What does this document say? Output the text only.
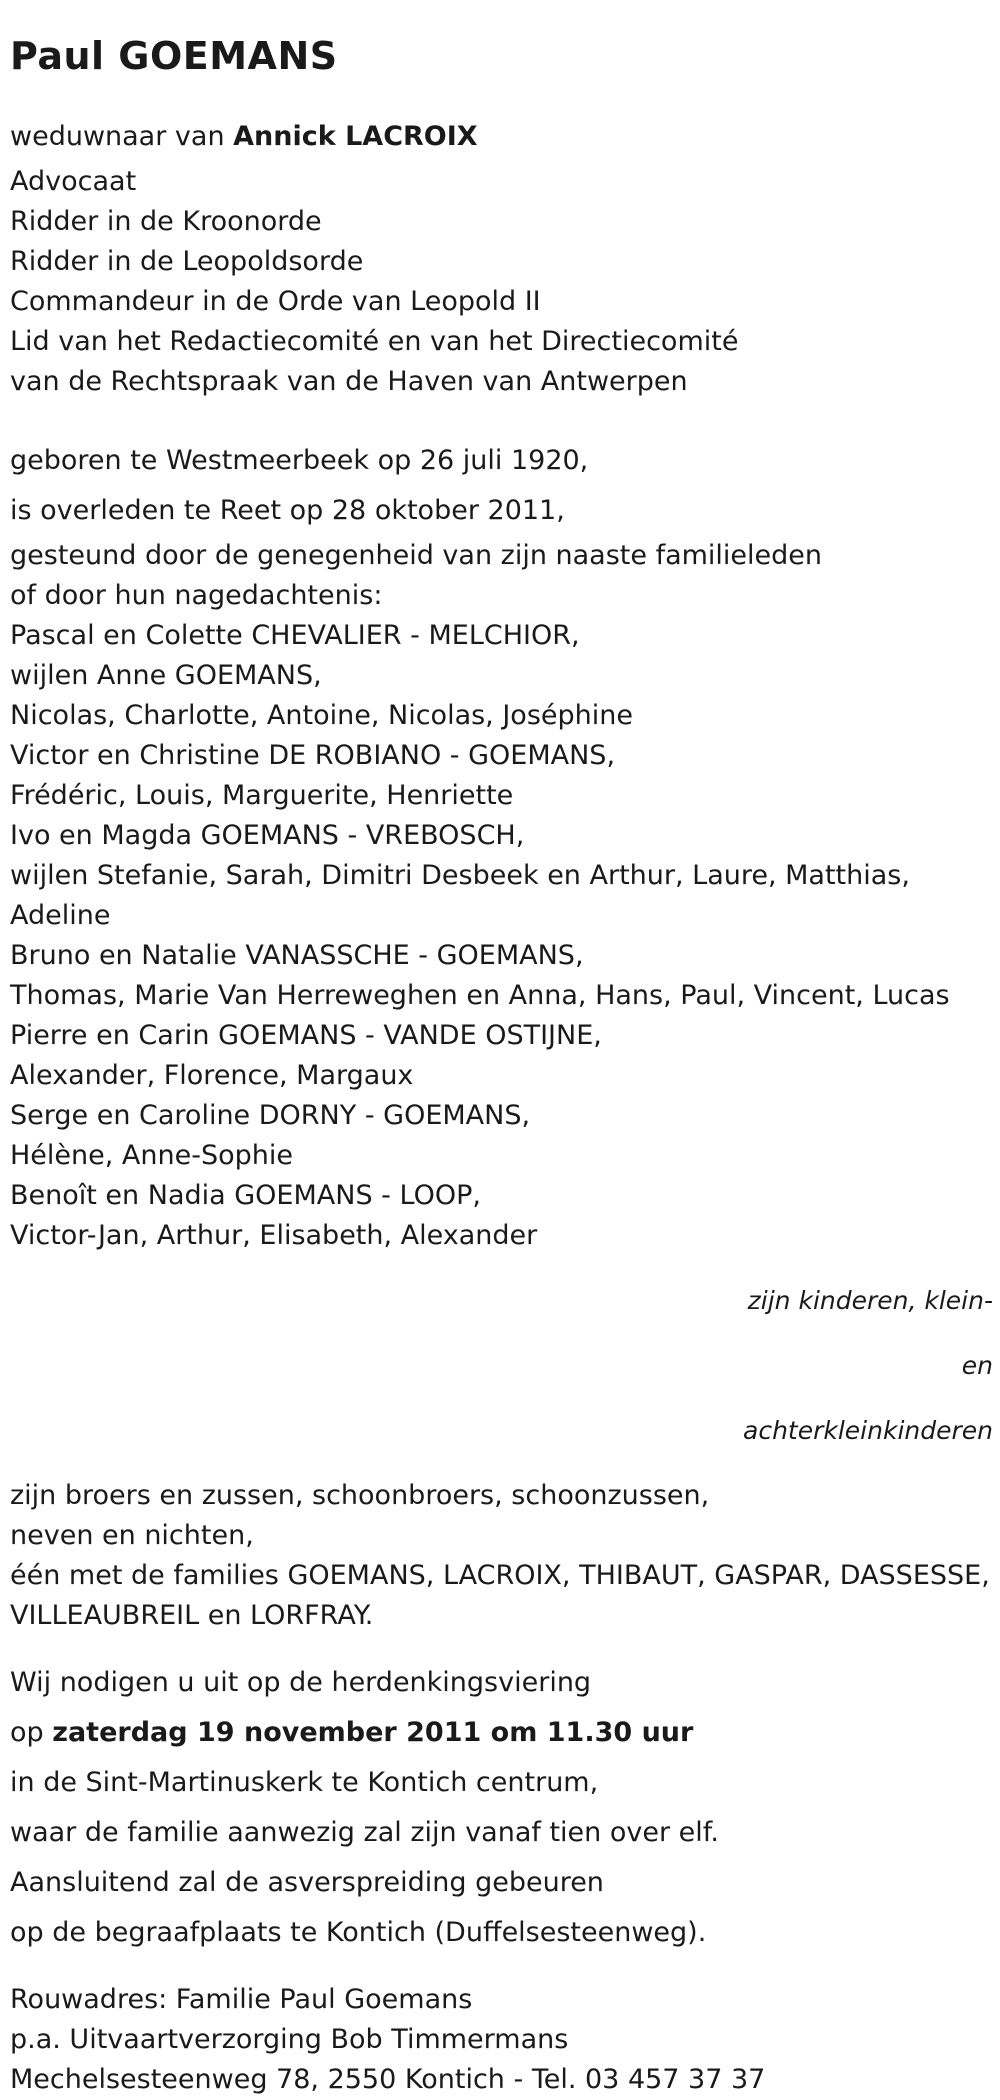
Paul GOEMANS

weduwnaar van Annick LACROIX

Advocaat

Ridder in de Kroonorde

Ridder in de Leopoldsorde

Commandeur in de Orde van Leopold II

Lid van het Redactiecomité en van het Directiecomité

van de Rechtspraak van de Haven van Antwerpen

geboren te Westmeerbeek op 26 juli 1920,

is overleden te Reet op 28 oktober 2011,

gesteund door de genegenheid van zijn naaste familieleden

of door hun nagedachtenis:

Pascal en Colette CHEVALIER - MELCHIOR,

wijlen Anne GOEMANS,

Nicolas, Charlotte, Antoine, Nicolas, Joséphine

Victor en Christine DE ROBIANO - GOEMANS,

Frédéric, Louis, Marguerite, Henriette

Ivo en Magda GOEMANS - VREBOSCH,

wijlen Stefanie, Sarah, Dimitri Desbeek en Arthur, Laure, Matthias,

Adeline

Bruno en Natalie VANASSCHE - GOEMANS,

Thomas, Marie Van Herreweghen en Anna, Hans, Paul, Vincent, Lucas

Pierre en Carin GOEMANS - VANDE OSTIJNE,

Alexander, Florence, Margaux

Serge en Caroline DORNY - GOEMANS,

Hélène, Anne-Sophie

Benoît en Nadia GOEMANS - LOOP,

Victor-Jan, Arthur, Elisabeth, Alexander

zijn kinderen, klein-

en

achterkleinkinderen

zijn broers en zussen, schoonbroers, schoonzussen,

neven en nichten,

één met de families GOEMANS, LACROIX, THIBAUT, GASPAR, DASSESSE,

VILLEAUBREIL en LORFRAY.

Wij nodigen u uit op de herdenkingsviering

op zaterdag 19 november 2011 om 11.30 uur

in de Sint-Martinuskerk te Kontich centrum,

waar de familie aanwezig zal zijn vanaf tien over elf.

Aansluitend zal de asverspreiding gebeuren

op de begraafplaats te Kontich (Duffelsesteenweg).

Rouwadres: Familie Paul Goemans

p.a. Uitvaartverzorging Bob Timmermans

Mechelsesteenweg 78, 2550 Kontich - Tel. 03 457 37 37
